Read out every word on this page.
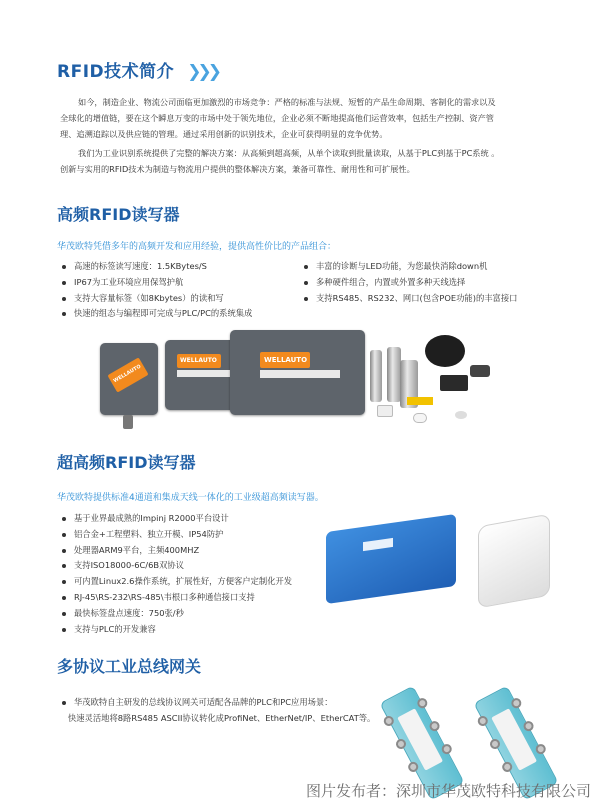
RFID技术简介 ❯❯❯
如今，制造企业、物流公司面临更加激烈的市场竞争：严格的标准与法规、短暂的产品生命周期、客制化的需求以及
全球化的增值链，要在这个瞬息万变的市场中处于领先地位，企业必须不断地提高他们运营效率，包括生产控制、资产管
理、追溯追踪以及供应链的管理。通过采用创新的识别技术，企业可获得明显的竞争优势。
我们为工业识别系统提供了完整的解决方案：从高频到超高频，从单个读取到批量读取，从基于PLC到基于PC系统 。
创新与实用的RFID技术为制造与物流用户提供的整体解决方案，兼备可靠性、耐用性和可扩展性。
高频RFID读写器
华茂欧特凭借多年的高频开发和应用经验，提供高性价比的产品组合：
高速的标签读写速度：1.5KBytes/S
IP67为工业环境应用保驾护航
支持大容量标签（如8Kbytes）的读和写
快速的组态与编程即可完成与PLC/PC的系统集成
丰富的诊断与LED功能，为您最快消除down机
多种硬件组合，内置或外置多种天线选择
支持RS485、RS232、网口(包含POE功能)的丰富接口
WELLAUTO
WELLAUTO	WELLAUTO
超高频RFID读写器
华茂欧特提供标准4通道和集成天线一体化的工业级超高频读写器。
基于业界最成熟的Impinj R2000平台设计
铝合金+工程塑料、独立开模、IP54防护
处理器ARM9平台，主频400MHZ
支持ISO18000-6C/6B双协议
可内置Linux2.6操作系统，扩展性好，方便客户定制化开发
RJ-45\RS-232\RS-485\韦根口多种通信接口支持
最快标签盘点速度：750张/秒
支持与PLC的开发兼容
多协议工业总线网关
华茂欧特自主研发的总线协议网关可适配各品牌的PLC和PC应用场景：
快速灵活地将8路RS485 ASCII协议转化成ProfiNet、EtherNet/IP、EtherCAT等。
图片发布者：深圳市华茂欧特科技有限公司
